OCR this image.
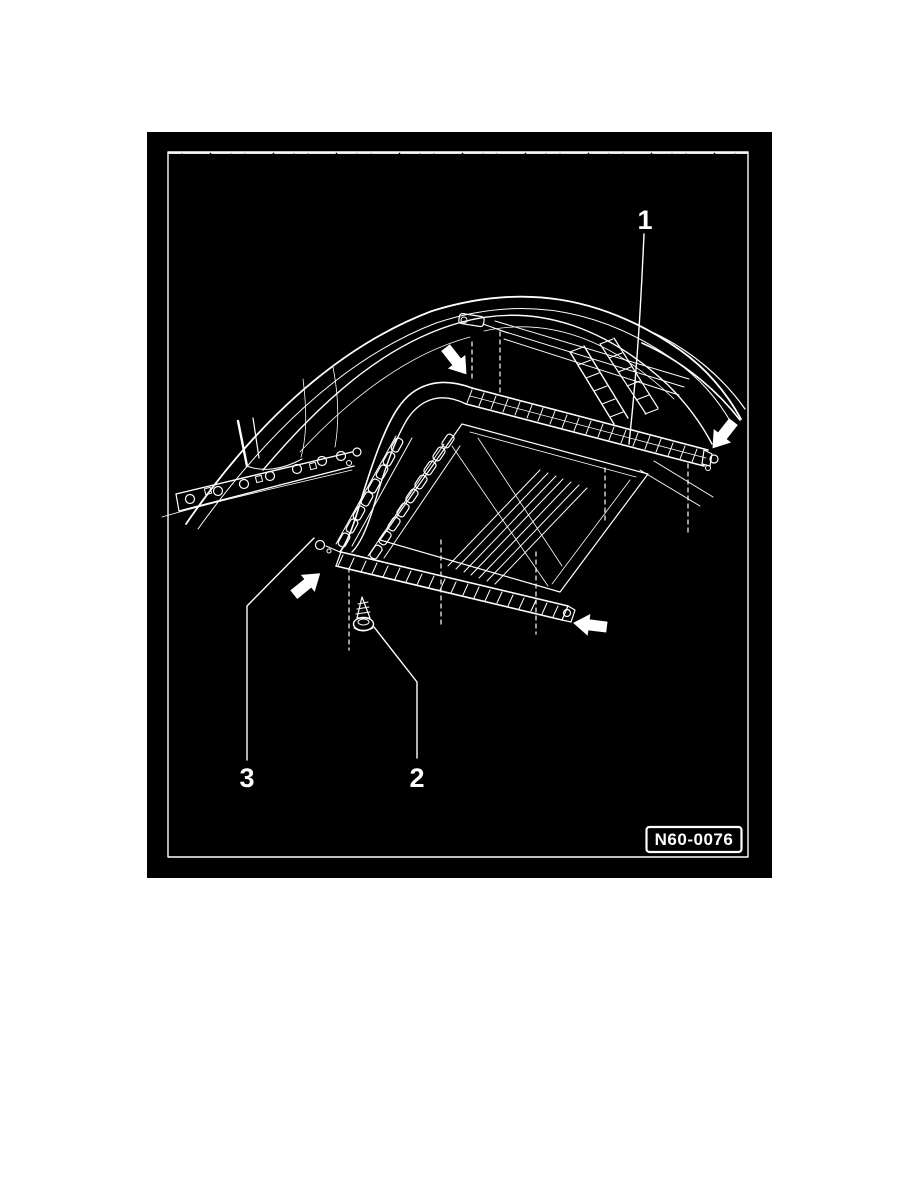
1
2
3
N60-0076
